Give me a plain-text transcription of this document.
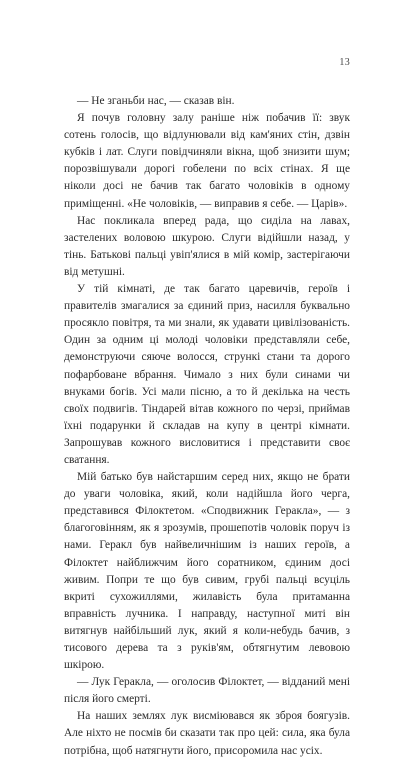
13

— Не зганьби нас, — сказав він.

Я почув головну залу раніше ніж побачив її: звук сотень голосів, що відлунювали від кам'яних стін, дзвін кубків і лат. Слуги повідчиняли вікна, щоб знизити шум; порозвішували дорогі гобелени по всіх стінах. Я ще ніколи досі не бачив так багато чоловіків в одному приміщенні. «Не чоловіків, — виправив я себе. — Царів».

Нас покликала вперед рада, що сиділа на лавах, застелених воловою шкурою. Слуги відійшли назад, у тінь. Батькові пальці увіп'ялися в мій комір, застерігаючи від метушні.

У тій кімнаті, де так багато царевичів, героїв і правителів змагалися за єдиний приз, насилля буквально просякло повітря, та ми знали, як удавати цивілізованість. Один за одним ці молоді чоловіки представляли себе, демонструючи сяюче волосся, стрункі стани та дорого пофарбоване вбрання. Чимало з них були синами чи внуками богів. Усі мали пісню, а то й декілька на честь своїх подвигів. Тіндарей вітав кожного по черзі, приймав їхні подарунки й складав на купу в центрі кімнати. Запрошував кожного висловитися і представити своє сватання.

Мій батько був найстаршим серед них, якщо не брати до уваги чоловіка, який, коли надійшла його черга, представився Філоктетом. «Сподвижник Геракла», — з благоговінням, як я зрозумів, прошепотів чоловік поруч із нами. Геракл був найвеличнішим із наших героїв, а Філоктет найближчим його соратником, єдиним досі живим. Попри те що був сивим, грубі пальці всуціль вкриті сухожиллями, жилавість була притаманна вправність лучника. І направду, наступної миті він витягнув найбільший лук, який я коли-небудь бачив, з тисового дерева та з руків'ям, обтягнутим левовою шкірою.

— Лук Геракла, — оголосив Філоктет, — відданий мені після його смерті.

На наших землях лук висміювався як зброя боягузів. Але ніхто не посмів би сказати так про цей: сила, яка була потрібна, щоб натягнути його, присоромила нас усіх.
